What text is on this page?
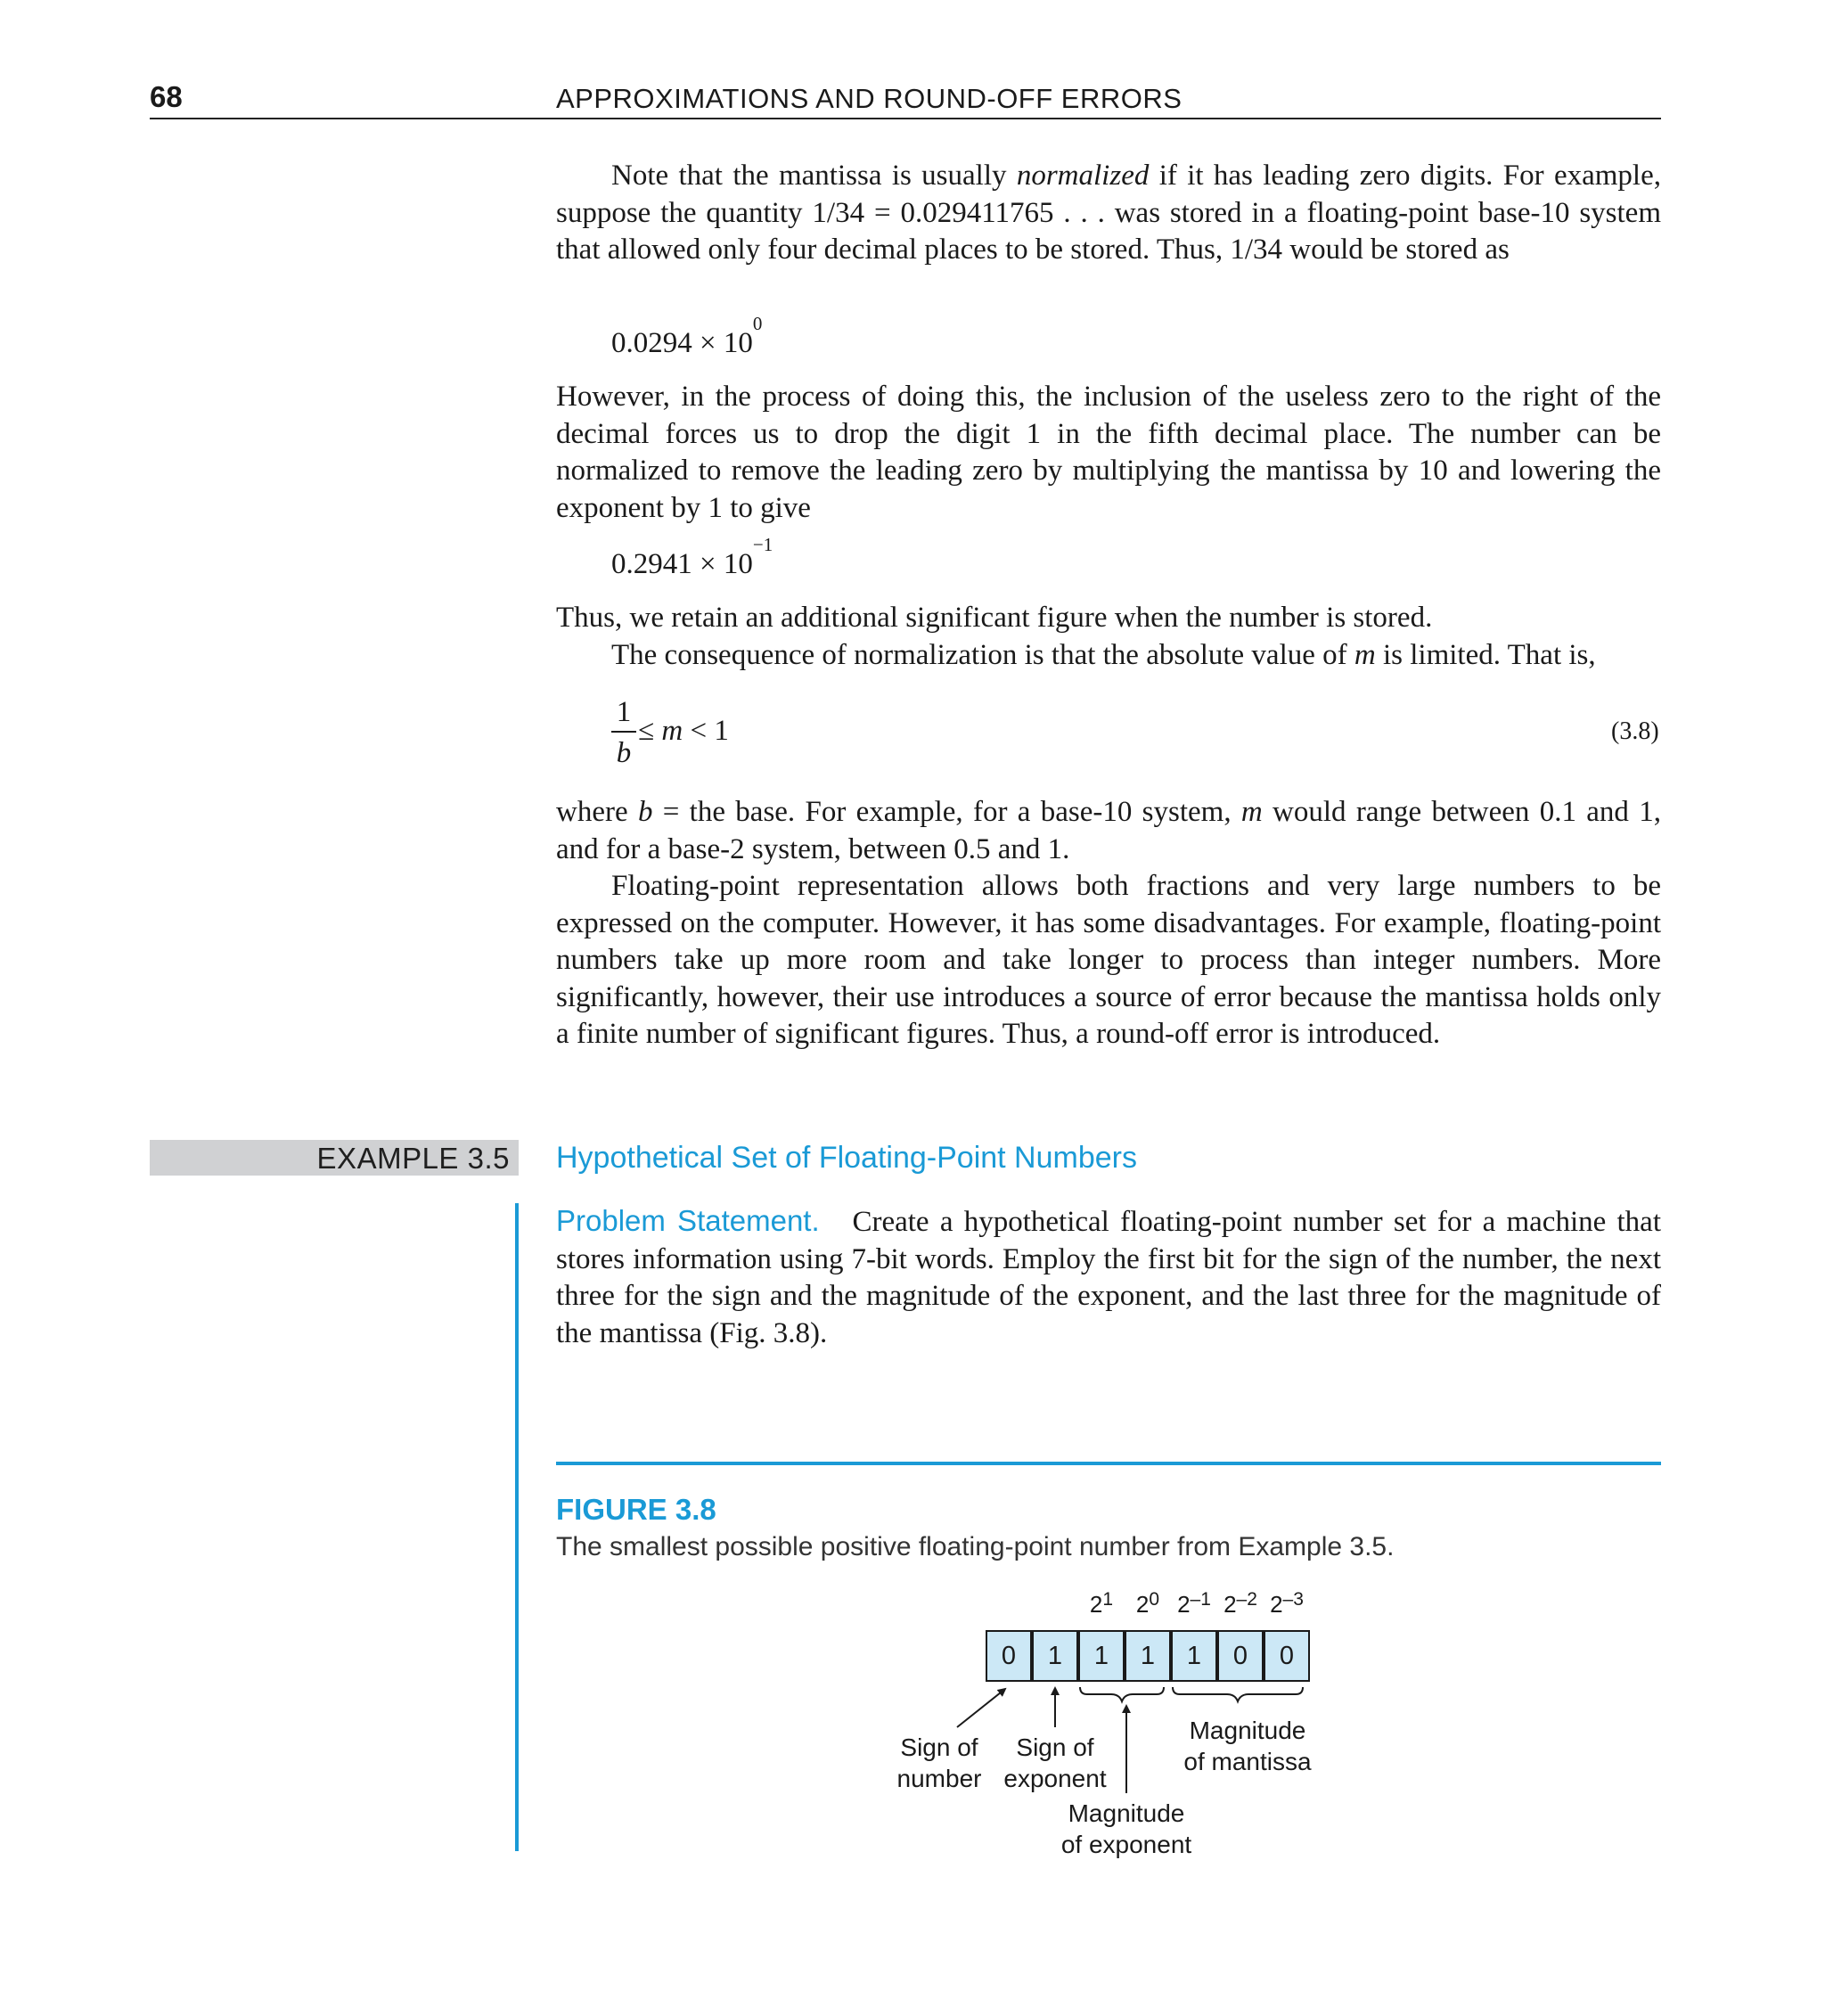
68	APPROXIMATIONS AND ROUND-OFF ERRORS
Note that the mantissa is usually normalized if it has leading zero digits. For example, suppose the quantity 1/34 = 0.029411765 . . . was stored in a floating-point base-10 system that allowed only four decimal places to be stored. Thus, 1/34 would be stored as
$0.0294 \times 10^0$
However, in the process of doing this, the inclusion of the useless zero to the right of the decimal forces us to drop the digit 1 in the fifth decimal place. The number can be normalized to remove the leading zero by multiplying the mantissa by 10 and lowering the exponent by 1 to give
$0.2941 \times 10^{-1}$
Thus, we retain an additional significant figure when the number is stored.
The consequence of normalization is that the absolute value of m is limited. That is,
1
b
≤ m < 1	(3.8)
where b = the base. For example, for a base-10 system, m would range between 0.1 and 1, and for a base-2 system, between 0.5 and 1.
Floating-point representation allows both fractions and very large numbers to be expressed on the computer. However, it has some disadvantages. For example, floating-point numbers take up more room and take longer to process than integer numbers. More significantly, however, their use introduces a source of error because the mantissa holds only a finite number of significant figures. Thus, a round-off error is introduced.
EXAMPLE 3.5 Hypothetical Set of Floating-Point Numbers
Problem Statement. Create a hypothetical floating-point number set for a machine that stores information using 7-bit words. Employ the first bit for the sign of the number, the next three for the sign and the magnitude of the exponent, and the last three for the magnitude of the mantissa (Fig. 3.8).
FIGURE 3.8
The smallest possible positive floating-point number from Example 3.5.
$2^1$ $2^0$ $2^{-1}$ $2^{-2}$ $2^{-3}$
0	1	1	1	1	0	0
Sign of
number
Sign of
exponent
Magnitude
of exponent
Magnitude
of mantissa
